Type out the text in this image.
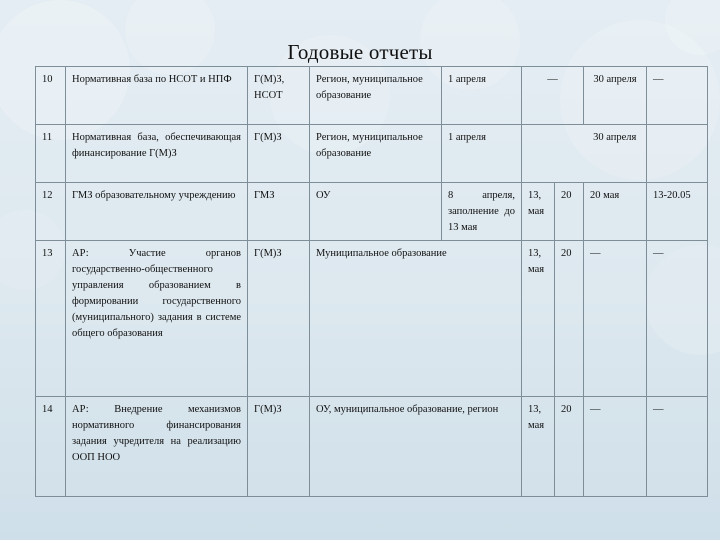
Годовые отчеты
10	Нормативная база по НСОТ и НПФ	Г(М)З, НСОТ	Регион, муниципальное образование	1 апреля	—		30 апреля	—
11	Нормативная база, обеспечивающая финансирование Г(М)З	Г(М)З	Регион, муниципальное образование	1 апреля			30 апреля	
12	ГМЗ образовательному учреждению	ГМЗ	ОУ	8 апреля, заполнение до 13 мая	13, мая	20	20 мая	13-20.05
13	АР: Участие органов государственно-общественного управления образованием в формировании государственного (муниципального) задания в системе общего образования	Г(М)З	Муниципальное образование		13, мая	20	—	—
14	АР: Внедрение механизмов нормативного финансирования задания учредителя на реализацию ООП НОО	Г(М)З	ОУ, муниципальное образование, регион		13, мая	20	—	—
